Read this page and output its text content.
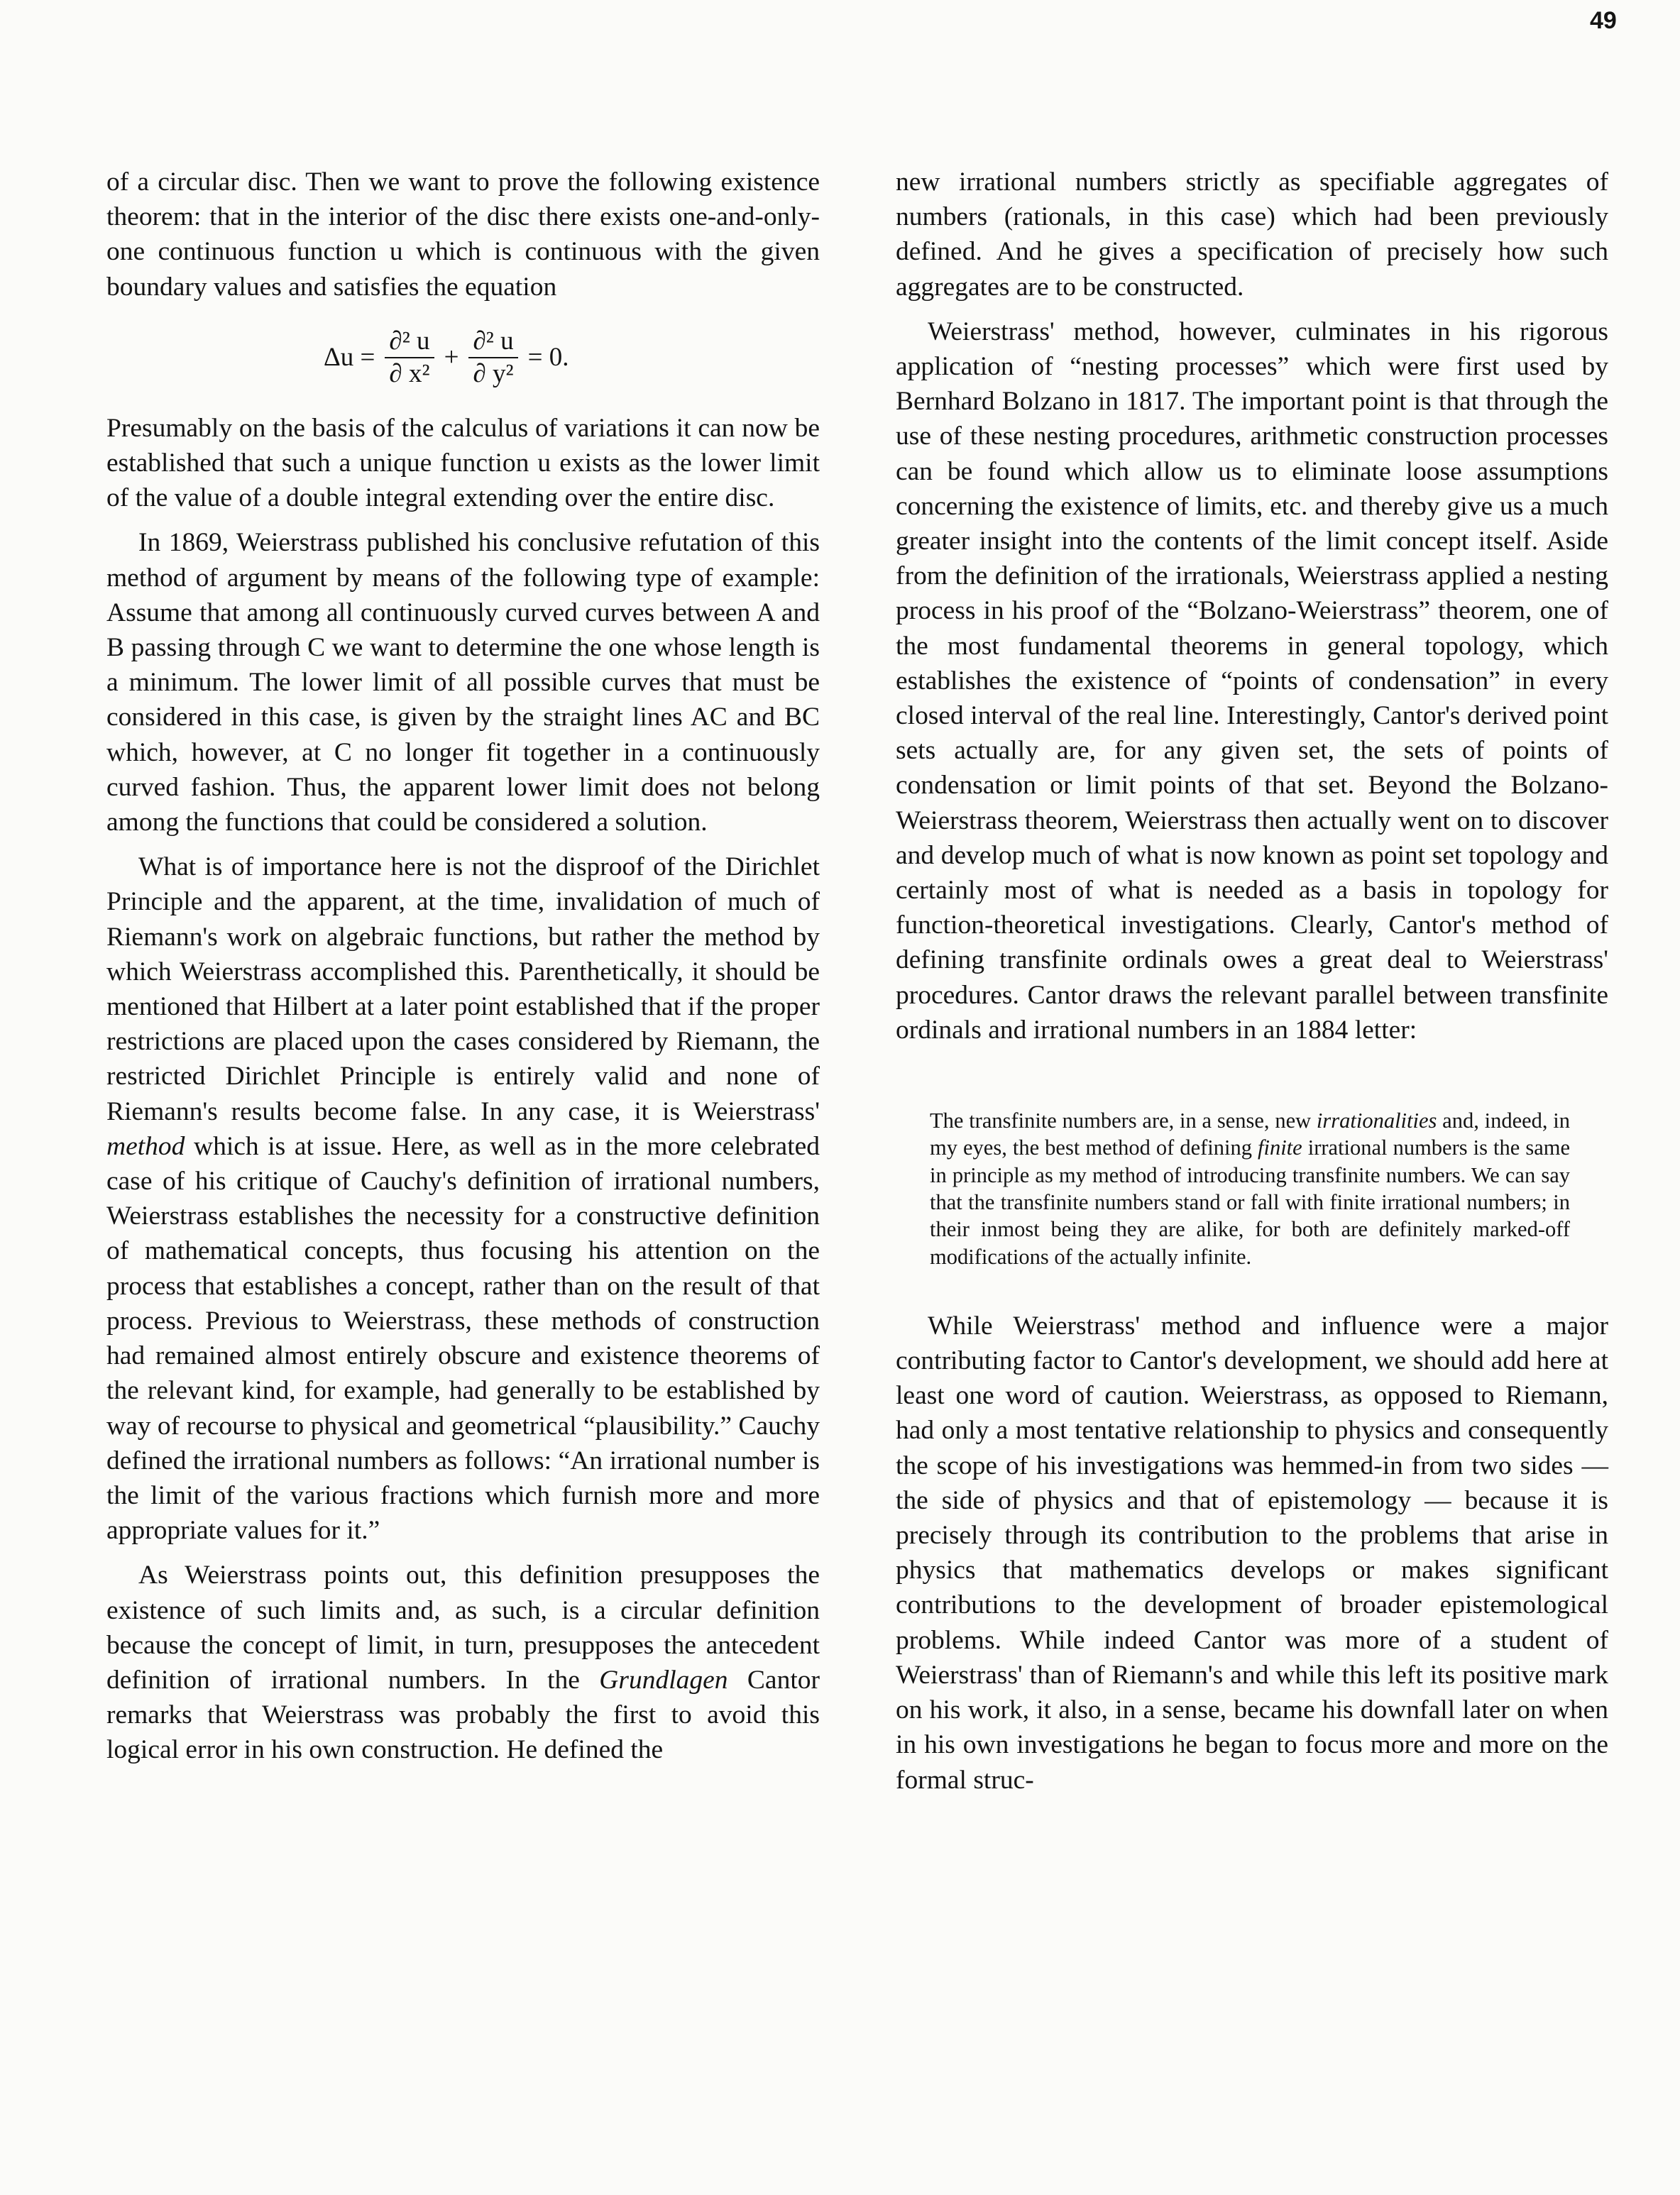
49

of a circular disc. Then we want to prove the following existence theorem: that in the interior of the disc there exists one-and-only-one continuous function u which is continuous with the given boundary values and satisfies the equation

$\Delta u = \frac{\text{∂² u}}{\text{∂ x²}} + \frac{\text{∂² u}}{\text{∂ y²}} = 0$.

Presumably on the basis of the calculus of variations it can now be established that such a unique function u exists as the lower limit of the value of a double integral extending over the entire disc.

In 1869, Weierstrass published his conclusive refutation of this method of argument by means of the following type of example: Assume that among all continuously curved curves between A and B passing through C we want to determine the one whose length is a minimum. The lower limit of all possible curves that must be considered in this case, is given by the straight lines AC and BC which, however, at C no longer fit together in a continuously curved fashion. Thus, the apparent lower limit does not belong among the functions that could be considered a solution.

What is of importance here is not the disproof of the Dirichlet Principle and the apparent, at the time, invalidation of much of Riemann's work on algebraic functions, but rather the method by which Weierstrass accomplished this. Parenthetically, it should be mentioned that Hilbert at a later point established that if the proper restrictions are placed upon the cases considered by Riemann, the restricted Dirichlet Principle is entirely valid and none of Riemann's results become false. In any case, it is Weierstrass' method which is at issue. Here, as well as in the more celebrated case of his critique of Cauchy's definition of irrational numbers, Weierstrass establishes the necessity for a constructive definition of mathematical concepts, thus focusing his attention on the process that establishes a concept, rather than on the result of that process. Previous to Weierstrass, these methods of construction had remained almost entirely obscure and existence theorems of the relevant kind, for example, had generally to be established by way of recourse to physical and geometrical “plausibility.” Cauchy defined the irrational numbers as follows: “An irrational number is the limit of the various fractions which furnish more and more appropriate values for it.”

As Weierstrass points out, this definition presupposes the existence of such limits and, as such, is a circular definition because the concept of limit, in turn, presupposes the antecedent definition of irrational numbers. In the Grundlagen Cantor remarks that Weierstrass was probably the first to avoid this logical error in his own construction. He defined the

new irrational numbers strictly as specifiable aggregates of numbers (rationals, in this case) which had been previously defined. And he gives a specification of precisely how such aggregates are to be constructed.

Weierstrass' method, however, culminates in his rigorous application of “nesting processes” which were first used by Bernhard Bolzano in 1817. The important point is that through the use of these nesting procedures, arithmetic construction processes can be found which allow us to eliminate loose assumptions concerning the existence of limits, etc. and thereby give us a much greater insight into the contents of the limit concept itself. Aside from the definition of the irrationals, Weierstrass applied a nesting process in his proof of the “Bolzano-Weierstrass” theorem, one of the most fundamental theorems in general topology, which establishes the existence of “points of condensation” in every closed interval of the real line. Interestingly, Cantor's derived point sets actually are, for any given set, the sets of points of condensation or limit points of that set. Beyond the Bolzano-Weierstrass theorem, Weierstrass then actually went on to discover and develop much of what is now known as point set topology and certainly most of what is needed as a basis in topology for function-theoretical investigations. Clearly, Cantor's method of defining transfinite ordinals owes a great deal to Weierstrass' procedures. Cantor draws the relevant parallel between transfinite ordinals and irrational numbers in an 1884 letter:

The transfinite numbers are, in a sense, new irrationalities and, indeed, in my eyes, the best method of defining finite irrational numbers is the same in principle as my method of introducing transfinite numbers. We can say that the transfinite numbers stand or fall with finite irrational numbers; in their inmost being they are alike, for both are definitely marked-off modifications of the actually infinite.

While Weierstrass' method and influence were a major contributing factor to Cantor's development, we should add here at least one word of caution. Weierstrass, as opposed to Riemann, had only a most tentative relationship to physics and consequently the scope of his investigations was hemmed-in from two sides — the side of physics and that of epistemology — because it is precisely through its contribution to the problems that arise in physics that mathematics develops or makes significant contributions to the development of broader epistemological problems. While indeed Cantor was more of a student of Weierstrass' than of Riemann's and while this left its positive mark on his work, it also, in a sense, became his downfall later on when in his own investigations he began to focus more and more on the formal struc-
